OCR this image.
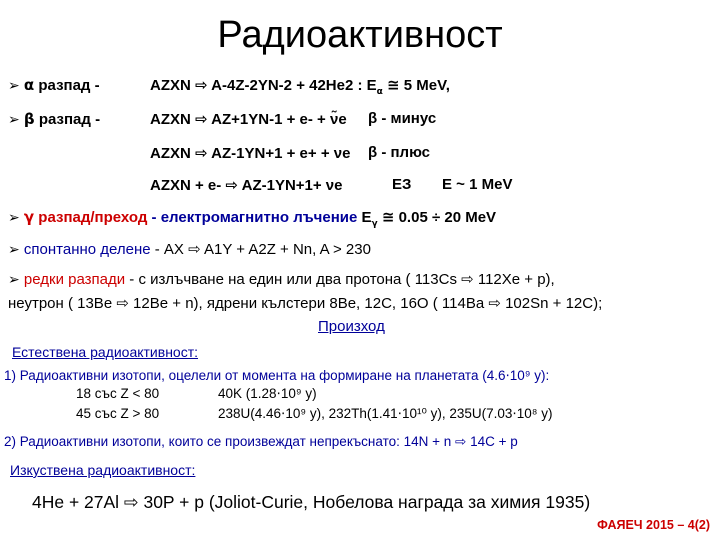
Радиоактивност
➢ α разпад -	AZXN ⇨ A-4Z-2YN-2 + 42He2 : $E_\alpha$ ≅ 5 MeV,
➢ β разпад -	AZXN ⇨ AZ+1YN-1 + e- + ν̃e β - минус
AZXN ⇨ AZ-1YN+1 + e+ + νe β - плюс
AZXN + e- ⇨ AZ-1YN+1+ νe	ЕЗ E ~ 1 MeV
➢ γ разпад/преход - електромагнитно лъчение $E_\gamma$ ≅ 0.05 ÷ 20 MeV
➢ спонтанно делене - AX ⇨ A1Y + A2Z + Nn, A > 230
➢ редки разпади - с излъчване на един или два протона ( 113Cs ⇨ 112Xe + p),
неутрон ( 13Be ⇨ 12Be + n), ядрени кълстери 8Be, 12C, 16O ( 114Ba ⇨ 102Sn + 12C);
Произход
Естествена радиоактивност:
1) Радиоактивни изотопи, оцелели от момента на формиране на планетата (4.6⋅10⁹ y):
18 със Z < 80	40K (1.28⋅10⁹ y)
45 със Z > 80	238U(4.46⋅10⁹ y), 232Th(1.41⋅10¹⁰ y), 235U(7.03⋅10⁸ y)
2) Радиоактивни изотопи, които се произвеждат непрекъснато: 14N + n ⇨ 14C + p
Изкуствена радиоактивност:
4He + 27Al ⇨ 30P + p (Joliot-Curie, Нобелова награда за химия 1935)
ФАЯЕЧ 2015 – 4(2)
